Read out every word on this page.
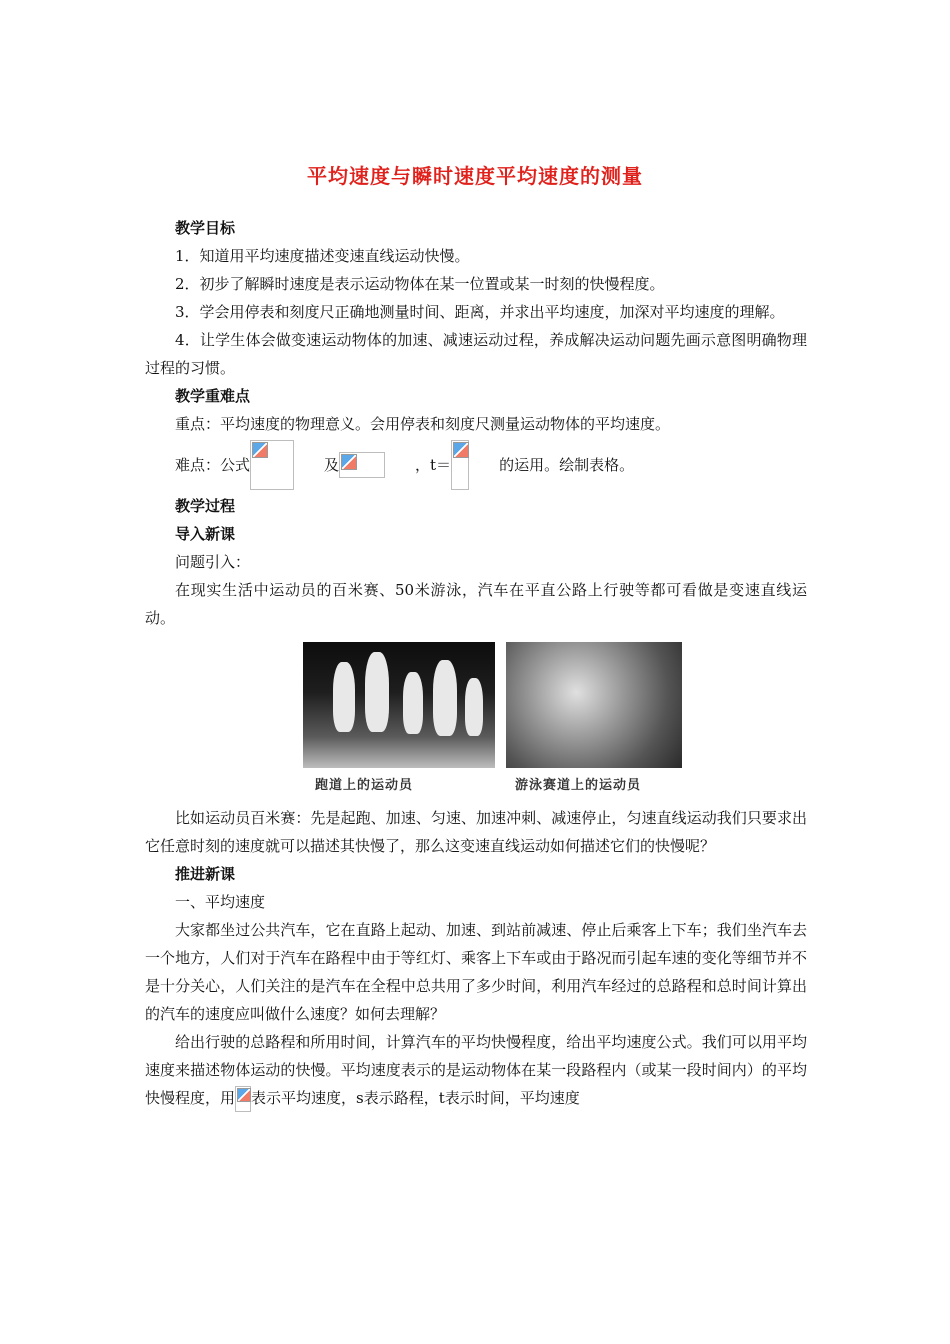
平均速度与瞬时速度平均速度的测量

教学目标

1．知道用平均速度描述变速直线运动快慢。

2．初步了解瞬时速度是表示运动物体在某一位置或某一时刻的快慢程度。

3．学会用停表和刻度尺正确地测量时间、距离，并求出平均速度，加深对平均速度的理解。

4．让学生体会做变速运动物体的加速、减速运动过程，养成解决运动问题先画示意图明确物理过程的习惯。

教学重难点

重点：平均速度的物理意义。会用停表和刻度尺测量运动物体的平均速度。

难点：公式	及	，t＝	的运用。绘制表格。

教学过程

导入新课

问题引入：

在现实生活中运动员的百米赛、50米游泳，汽车在平直公路上行驶等都可看做是变速直线运动。

跑道上的运动员	游泳赛道上的运动员

比如运动员百米赛：先是起跑、加速、匀速、加速冲刺、减速停止，匀速直线运动我们只要求出它任意时刻的速度就可以描述其快慢了，那么这变速直线运动如何描述它们的快慢呢？

推进新课

一、平均速度

大家都坐过公共汽车，它在直路上起动、加速、到站前减速、停止后乘客上下车；我们坐汽车去一个地方，人们对于汽车在路程中由于等红灯、乘客上下车或由于路况而引起车速的变化等细节并不是十分关心，人们关注的是汽车在全程中总共用了多少时间，利用汽车经过的总路程和总时间计算出的汽车的速度应叫做什么速度？如何去理解？

给出行驶的总路程和所用时间，计算汽车的平均快慢程度，给出平均速度公式。我们可以用平均速度来描述物体运动的快慢。平均速度表示的是运动物体在某一段路程内（或某一段时间内）的平均快慢程度，用 表示平均速度，s表示路程，t表示时间，平均速度
